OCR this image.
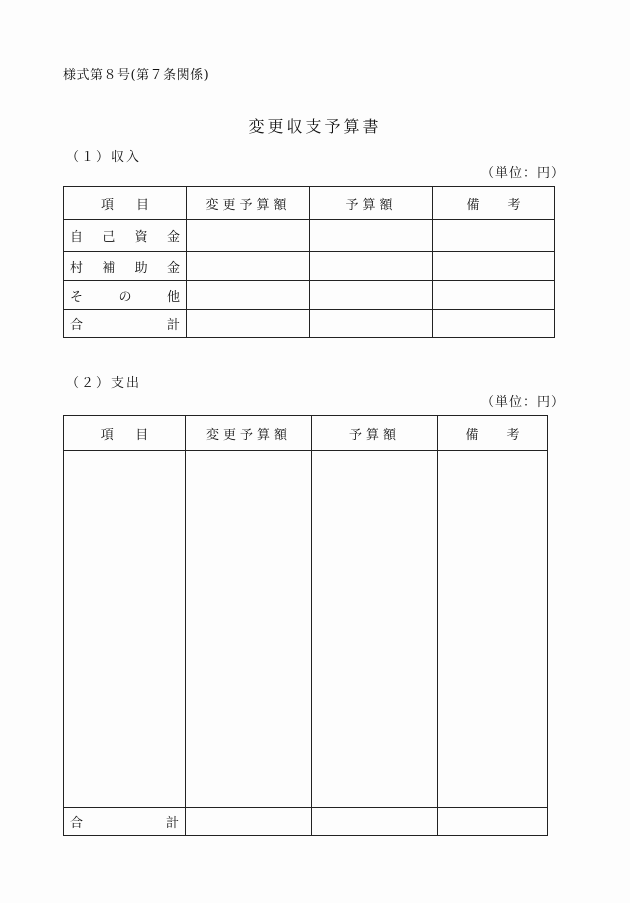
様式第８号(第７条関係)
変更収支予算書
（１）収入
（単位：円）
項 目	変更予算額	予算額	備 考

自 己 資 金			

村 補 助 金			

そ の 他			

合 計			

（２）支出
（単位：円）
項 目	変更予算額	予算額	備 考

合 計			
